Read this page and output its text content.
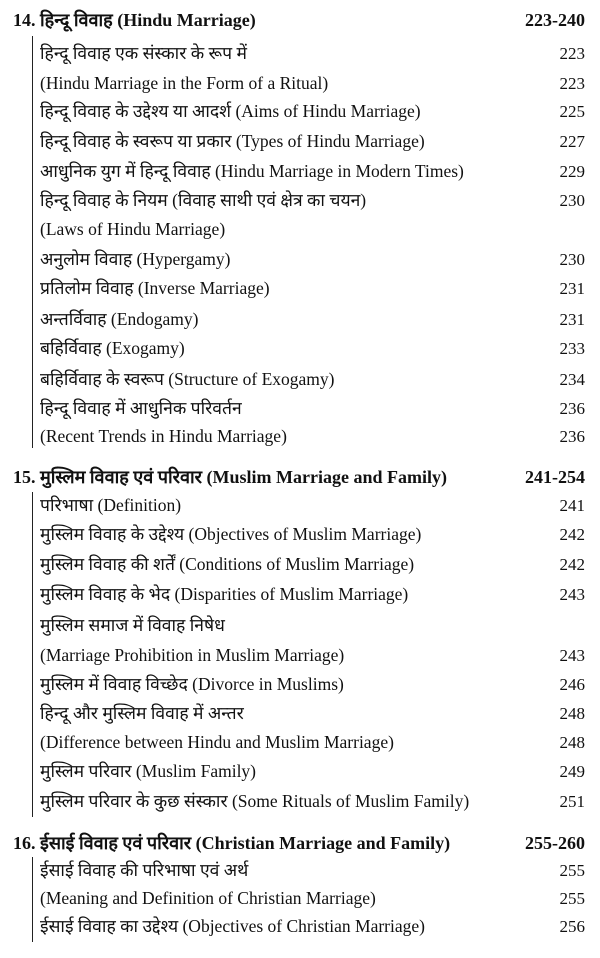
14. हिन्दू विवाह (Hindu Marriage)	223-240
हिन्दू विवाह एक संस्कार के रूप में	223
(Hindu Marriage in the Form of a Ritual)	223
हिन्दू विवाह के उद्देश्य या आदर्श (Aims of Hindu Marriage)	225
हिन्दू विवाह के स्वरूप या प्रकार (Types of Hindu Marriage)	227
आधुनिक युग में हिन्दू विवाह (Hindu Marriage in Modern Times)	229
हिन्दू विवाह के नियम (विवाह साथी एवं क्षेत्र का चयन)	230
(Laws of Hindu Marriage)
अनुलोम विवाह (Hypergamy)	230
प्रतिलोम विवाह (Inverse Marriage)	231
अन्तर्विवाह (Endogamy)	231
बहिर्विवाह (Exogamy)	233
बहिर्विवाह के स्वरूप (Structure of Exogamy)	234
हिन्दू विवाह में आधुनिक परिवर्तन	236
(Recent Trends in Hindu Marriage)	236
15. मुस्लिम विवाह एवं परिवार (Muslim Marriage and Family)	241-254
परिभाषा (Definition)	241
मुस्लिम विवाह के उद्देश्य (Objectives of Muslim Marriage)	242
मुस्लिम विवाह की शर्तें (Conditions of Muslim Marriage)	242
मुस्लिम विवाह के भेद (Disparities of Muslim Marriage)	243
मुस्लिम समाज में विवाह निषेध
(Marriage Prohibition in Muslim Marriage)	243
मुस्लिम में विवाह विच्छेद (Divorce in Muslims)	246
हिन्दू और मुस्लिम विवाह में अन्तर	248
(Difference between Hindu and Muslim Marriage)	248
मुस्लिम परिवार (Muslim Family)	249
मुस्लिम परिवार के कुछ संस्कार (Some Rituals of Muslim Family)	251
16. ईसाई विवाह एवं परिवार (Christian Marriage and Family)	255-260
ईसाई विवाह की परिभाषा एवं अर्थ	255
(Meaning and Definition of Christian Marriage)	255
ईसाई विवाह का उद्देश्य (Objectives of Christian Marriage)	256
